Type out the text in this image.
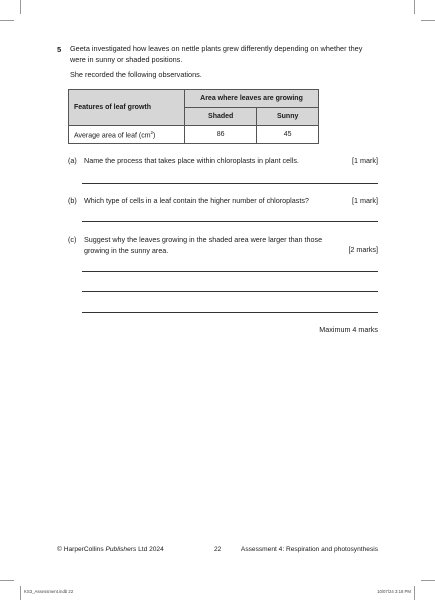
5 Geeta investigated how leaves on nettle plants grew differently depending on whether they
were in sunny or shaded positions.
She recorded the following observations.
Features of leaf growth	Area where leaves are growing	
	Shaded	Sunny
Average area of leaf $(cm^2)$	86	45
(a) Name the process that takes place within chloroplasts in plant cells.	[1 mark]
(b) Which type of cells in a leaf contain the higher number of chloroplasts?	[1 mark]
(c) Suggest why the leaves growing in the shaded area were larger than those
growing in the sunny area.	[2 marks]
Maximum 4 marks
© HarperCollins Publishers Ltd 2024	22	Assessment 4: Respiration and photosynthesis
KS3_Assessment.indb 22	10/07/24 3:18 PM
